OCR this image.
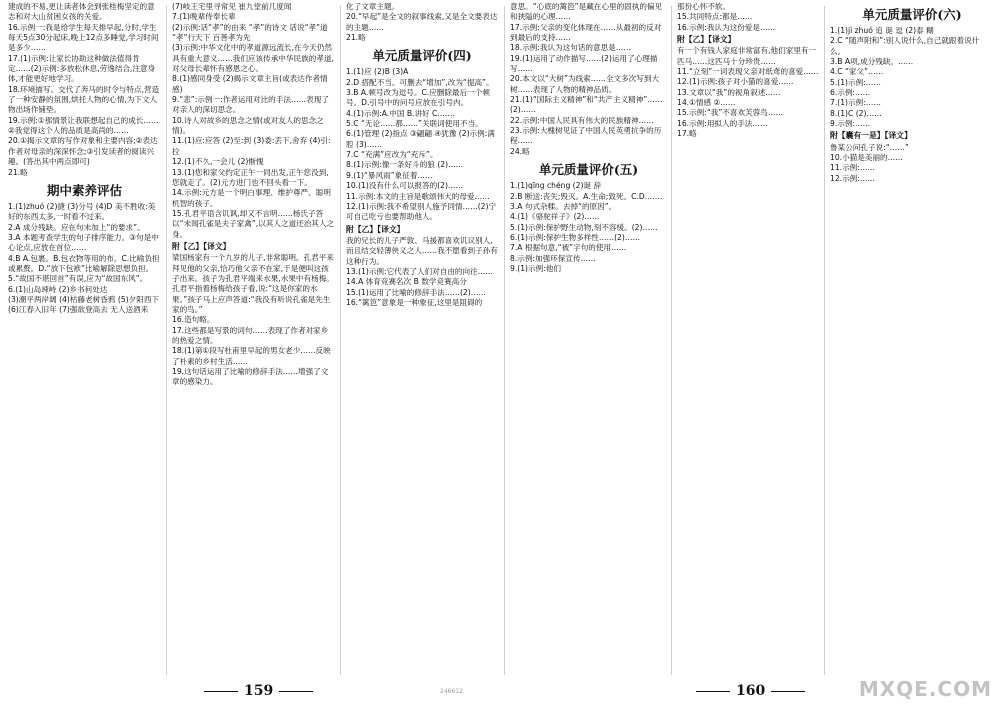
建成的不易,更让读者体会到张桂梅坚定的意志和对大山贫困女孩的关爱。

16.示例一:我是给学生每天排早起,分时,学生每天5点30分起床,晚上12点多睡觉,学习时间是多少……

17.(1)示例:让家长协助这种做法值得肯定……(2)示例:多放松休息,劳逸结合,注意身体,才能更好地学习。

18.环境描写。交代了奔马的时令与特点,营造了一种安静的氛围,烘托人物的心情,为下文人物出场作铺垫。

19.示例:①那情景让我联想起自己的成长……②我觉得这个人的品质是高尚的……

20.①揭示文章的写作对象和主要内容;②表达作者对母亲的深深怀念;③引发读者的阅读兴趣。(答出其中两点即可)

21.略

期中素养评估

1.(1)zhuó (2)捷 (3)分号 (4)D 美不胜收:美好的东西太多,一时看不过来。

2.A 成分残缺。应在句末加上“的要求”。

3.A 本题考查学生的句子排序能力。③句是中心论点,应放在首位……

4.B A.包裹。B.包衣物等用的布。C.比喻负担或累赘。D.“放下包袱”比喻解除思想负担。

5.“故国不堪回首”有误,应为“故国东风”。

6.(1)山岛竦峙 (2)乡书何处达

(3)潮平两岸阔 (4)枯藤老树昏鸦 (5)夕阳西下 (6)江春入旧年 (7)强欲登高去 无人送酒来

(7)岐王宅里寻常见 崔九堂前几度闻

7.(1)晚辈侍奉长辈

(2)示例:话“孝”的由来 “孝”的诗文 话说“孝”道 “孝”行天下 百善孝为先

(3)示例:中华文化中的孝道源远流长,在今天仍然具有重大意义……我们应该传承中华民族的孝道,对父母长辈怀有感恩之心。

8.(1)感同身受 (2)揭示文章主旨(或表达作者情感)

9.“悲”:示例一:作者运用对比的手法……表现了对亲人的深切思念。

10.诗人对故乡的思念之情(或对友人的思念之情)。

11.(1)应:应答 (2)至:到 (3)委:丢下,舍弃 (4)引:拉

12.(1)不久,一会儿 (2)惭愧

13.(1)您和家父约定正午一同出发,正午您没到,您就走了。(2)元方进门也不回头看一下。

14.示例:元方是一个明白事理、维护尊严、聪明机智的孩子。

15.孔君平语含讥讽,却又不言明……杨氏子答以“未闻孔雀是夫子家禽”,以其人之道还治其人之身。

附【乙】【译文】

梁国杨家有一个九岁的儿子,非常聪明。孔君平来拜见他的父亲,恰巧他父亲不在家,于是便叫这孩子出来。孩子为孔君平端来水果,水果中有杨梅。孔君平指着杨梅给孩子看,说:“这是你家的水果。”孩子马上应声答道:“我没有听说孔雀是先生家的鸟。”

16.造句略。

17.这些都是写景的词句……表现了作者对家乡的热爱之情。

18.(1)第①段写杜甫里早起的男女老少……反映了朴素的乡村生活……

19.这句话运用了比喻的修辞手法……增强了文章的感染力。

化了文章主题。

20.“早起”是全文的叙事线索,又是全文要表达的主题……

21.略

单元质量评价(四)

1.(1)应 (2)B (3)A

2.D 搭配不当。可删去“增加”,改为“提高”。

3.B A.顿号改为逗号。C.应删除最后一个顿号。D.引号中的问号应放在引号内。

4.(1)示例:A.中国 B.讲好 C.……

5.C “无论……都……”关联词使用不当。

6.(1)管理 (2)指点 ③翩翩 ④犹豫 (2)示例:满腔 (3)……

7.C “充满”应改为“充斥”。

8.(1)示例:像一条好斗的狼 (2)……

9.(1)“暴风雨”象征着……

10.(1)没有什么可以报答的(2)……

11.示例:本文的主旨是歌颂伟大的母爱……

12.(1)示例:我不希望别人施予同情……(2)宁可自己吃亏也要帮助他人。

附【乙】【译文】

我的兄长的儿子严敦、马援都喜欢讥议别人,而且结交轻薄侠义之人……我不愿看到子孙有这种行为。

13.(1)示例:它代表了人们对自由的向往……

14.A 体育竞赛名次 B 数学竞赛高分

15.(1)运用了比喻的修辞手法……(2)……

16.“篱笆”意象是一种象征,这里是阻碍的

意思。“心底的篱笆”是藏在心里的固执的偏见和狭隘的心理……

17.示例:父亲的变化体现在……从最初的反对到最后的支持……

18.示例:我认为这句话的意思是……

19.(1)运用了动作描写……(2)运用了心理描写……

20.本文以“大树”为线索……全文多次写到大树……表现了人物的精神品质。

21.(1)“国际主义精神”和“共产主义精神”……(2)……

22.示例:中国人民具有伟大的民族精神……

23.示例:大槐树见证了中国人民英勇抗争的历程……

24.略

单元质量评价(五)

1.(1)qīng chéng (2)诞 辞

2.B 断送:丧失;毁灭。A.生命;致死。C.D.……

3.A 句式杂糅。去掉“的原因”。

4.(1)《骆驼祥子》(2)……

5.(1)示例:保护野生动物,刻不容缓。(2)……

6.(1)示例:保护生物多样性……(2)……

7.A 根据句意,“被”字句的使用……

8.示例:加强环保宣传……

9.(1)示例:他们

那份心怀不软。

15.共同特点:都是……

16.示例:我认为这份爱是……

附【乙】【译文】

有一个有钱人家庭非常富有,他们家里有一匹马……这匹马十分珍贵……

11.“立刻”一词表现父亲对纸鸢的喜爱……

12.(1)示例:孩子对小猫的喜爱……

13.文章以“我”的视角叙述……

14.①情感 ②……

15.示例:“我”不喜欢芙蓉鸟……

16.示例:用拟人的手法……

17.略

单元质量评价(六)

1.(1)jì zhuó 追 诞 逗 (2)泰 糊

2.C “随声附和”:别人说什么,自己就跟着说什么。

3.B A项,成分残缺。……

4.C “家父”……

5.(1)示例:……

6.示例:……

7.(1)示例:……

8.(1)C (2)……

9.示例:……

附【囊有一是】【译文】

鲁某公问孔子说:“……”

10.小猫是美丽的……

11.示例:……

12.示例:……

159	160
246612	MXQE.COM
